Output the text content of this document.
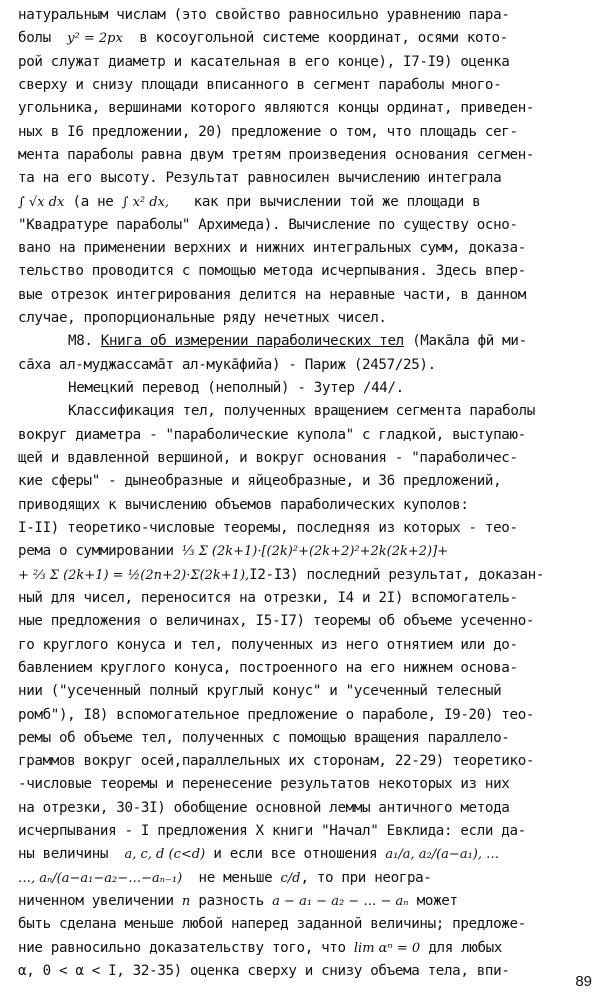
натуральным числам (это свойство равносильно уравнению пара-
болы y² = 2px в косоугольной системе координат, осями кото-
рой служат диаметр и касательная в его конце), I7-I9) оценка
сверху и снизу площади вписанного в сегмент параболы много-
угольника, вершинами которого являются концы ординат, приведен-
ных в I6 предложении, 20) предложение о том, что площадь сег-
мента параболы равна двум третям произведения основания сегмен-
та на его высоту. Результат равносилен вычислению интеграла
∫ √x dx (а не ∫ x² dx, как при вычислении той же площади в
"Квадратуре параболы" Архимеда). Вычисление по существу осно-
вано на применении верхних и нижних интегральных сумм, доказа-
тельство проводится с помощью метода исчерпывания. Здесь впер-
вые отрезок интегрирования делится на неравные части, в данном
случае, пропорциональные ряду нечетных чисел.
М8. Книга об измерении параболических тел (Мака̄ла фӣ ми-
са̄ха ал-муджассама̄т ал-мука̄фийа) - Париж (2457/25).
Немецкий перевод (неполный) - Зутер /44/.
Классификация тел, полученных вращением сегмента параболы
вокруг диаметра - "параболические купола" с гладкой, выступаю-
щей и вдавленной вершиной, и вокруг основания - "параболичес-
кие сферы" - дынеобразные и яйцеобразные, и 36 предложений,
приводящих к вычислению объемов параболических куполов:
I-II) теоретико-числовые теоремы, последняя из которых - тео-
рема о суммировании ⅓ Σ (2k+1)·[(2k)²+(2k+2)²+2k(2k+2)]+
+ ⅔ Σ (2k+1) = ½(2n+2)·Σ(2k+1),I2-I3) последний результат, доказан-
ный для чисел, переносится на отрезки, I4 и 2I) вспомогатель-
ные предложения о величинах, I5-I7) теоремы об объеме усеченно-
го круглого конуса и тел, полученных из него отнятием или до-
бавлением круглого конуса, построенного на его нижнем основа-
нии ("усеченный полный круглый конус" и "усеченный телесный
ромб"), I8) вспомогательное предложение о параболе, I9-20) тео-
ремы об объеме тел, полученных с помощью вращения параллело-
граммов вокруг осей,параллельных их сторонам, 22-29) теоретико-
-числовые теоремы и перенесение результатов некоторых из них
на отрезки, 30-3I) обобщение основной леммы античного метода
исчерпывания - I предложения X книги "Начал" Евклида: если да-
ны величины a, c, d (c<d) и если все отношения a₁/a, a₂/(a−a₁), …
…, aₙ/(a−a₁−a₂−…−aₙ₋₁) не меньше c/d, то при неогра-
ниченном увеличении n разность a − a₁ − a₂ − … − aₙ может
быть сделана меньше любой наперед заданной величины; предложе-
ние равносильно доказательству того, что lim αⁿ = 0 для любых
α, 0 < α < I, 32-35) оценка сверху и снизу объема тела, впи-
89
